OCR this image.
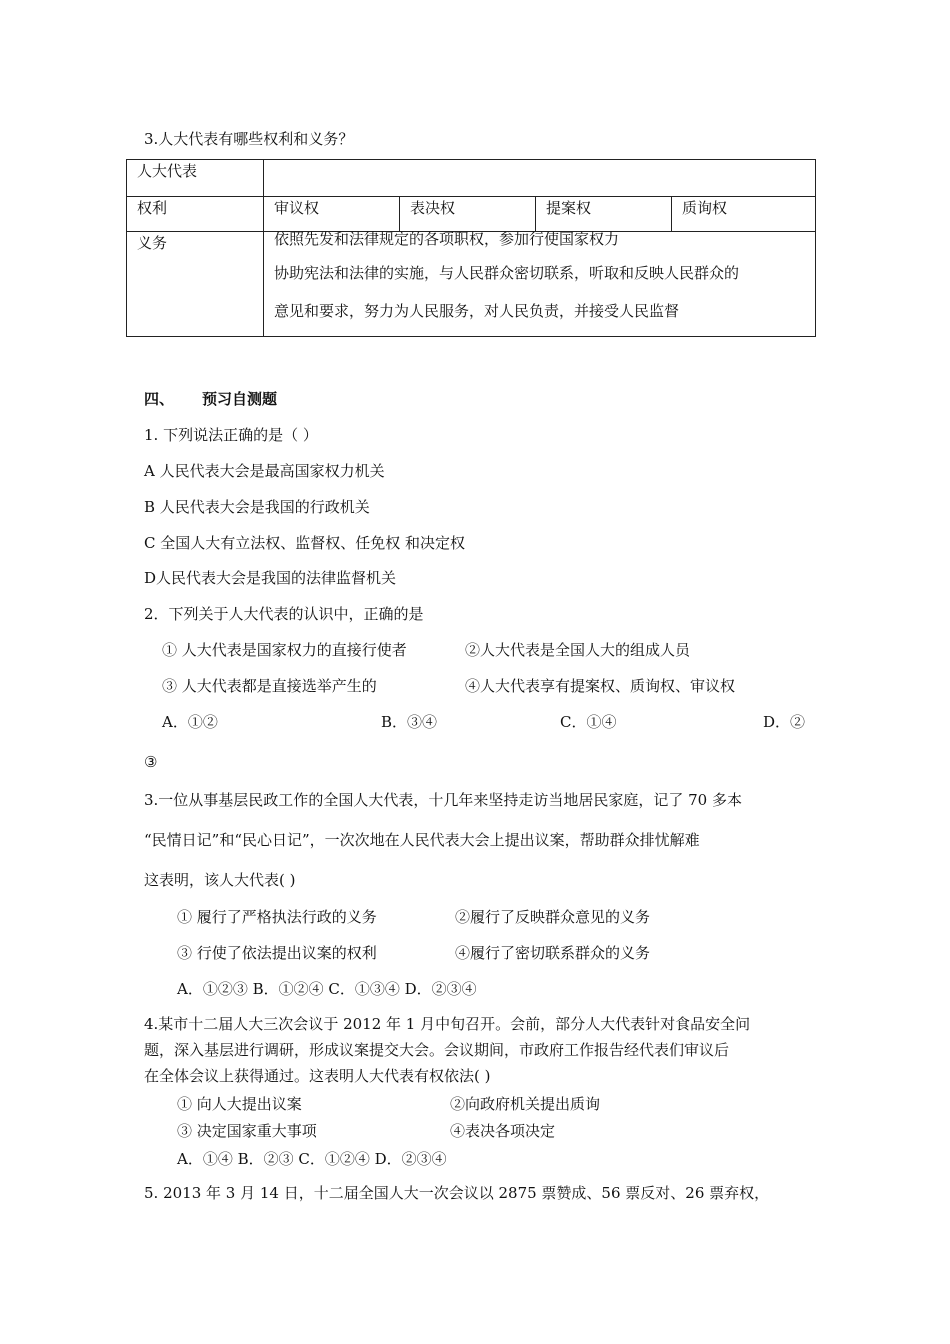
3.人大代表有哪些权利和义务？
人大代表				
权利	审议权	表决权	提案权	质询权
义务	依照先发和法律规定的各项职权，参加行使国家权力
协助宪法和法律的实施，与人民群众密切联系，听取和反映人民群众的
意见和要求，努力为人民服务，对人民负责，并接受人民监督			
四、 预习自测题
1. 下列说法正确的是（ ）
A 人民代表大会是最高国家权力机关
B 人民代表大会是我国的行政机关
C 全国人大有立法权、监督权、任免权 和决定权
D人民代表大会是我国的法律监督机关
2．下列关于人大代表的认识中，正确的是
① 人大代表是国家权力的直接行使者	②人大代表是全国人大的组成人员
③ 人大代表都是直接选举产生的	④人大代表享有提案权、质询权、审议权
A．①②	B．③④	C．①④	D．②
③
3.一位从事基层民政工作的全国人大代表，十几年来坚持走访当地居民家庭，记了 70 多本
“民情日记”和“民心日记”，一次次地在人民代表大会上提出议案，帮助群众排忧解难
这表明，该人大代表( )
① 履行了严格执法行政的义务	②履行了反映群众意见的义务
③ 行使了依法提出议案的权利	④履行了密切联系群众的义务
A．①②③ B．①②④ C．①③④ D．②③④
4.某市十二届人大三次会议于 2012 年 1 月中旬召开。会前，部分人大代表针对食品安全问
题，深入基层进行调研，形成议案提交大会。会议期间，市政府工作报告经代表们审议后
在全体会议上获得通过。这表明人大代表有权依法( )
① 向人大提出议案	②向政府机关提出质询
③ 决定国家重大事项	④表决各项决定
A．①④ B．②③ C．①②④ D．②③④
5. 2013 年 3 月 14 日，十二届全国人大一次会议以 2875 票赞成、56 票反对、26 票弃权，
